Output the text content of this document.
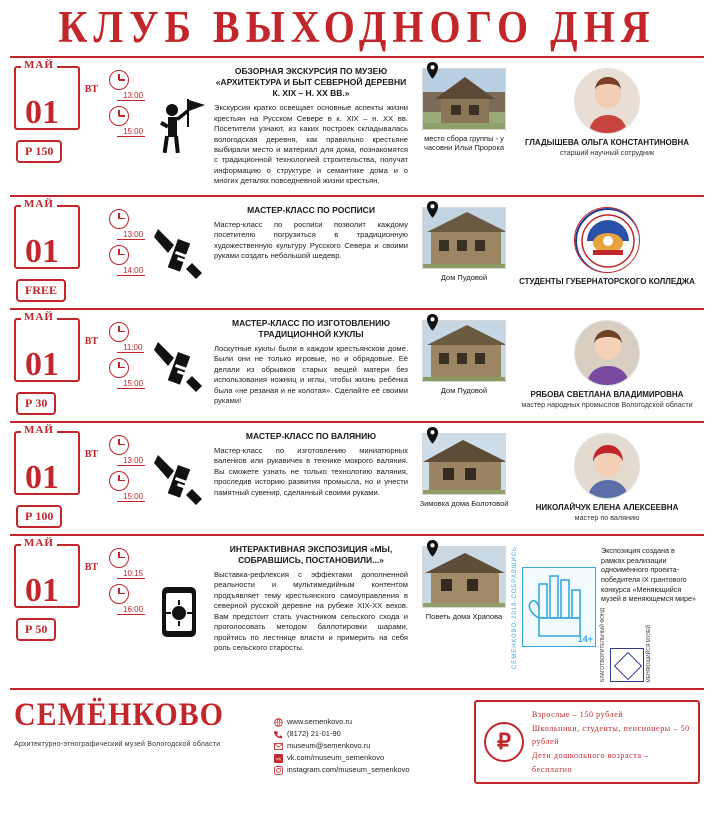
КЛУБ ВЫХОДНОГО ДНЯ
МАЙ
01
ВТ
Р 150
13:00
15:00
ОБЗОРНАЯ ЭКСКУРСИЯ ПО МУЗЕЮ «АРХИТЕКТУРА И БЫТ СЕВЕРНОЙ ДЕРЕВНИ К. XIX – Н. XX ВВ.»
Экскурсия кратко освещает основные аспекты жизни крестьян на Русском Севере в к. XIX – н. XX вв. Посетители узнают, из каких построек складывалась вологодская деревня, как правильно крестьяне выбирали место и материал для дома, познакомятся с традиционной технологией строительства, получат информацию о структуре и семантике дома и о многих деталях повседневной жизни крестьян.
место сбора группы - у часовни Ильи Пророка
ГЛАДЫШЕВА ОЛЬГА КОНСТАНТИНОВНА
старший научный сотрудник
МАЙ
01
FREE
13:00
14:00
МАСТЕР-КЛАСС ПО РОСПИСИ
Мастер-класс по росписи позволит каждому посетителю погрузиться в традиционную художественную культуру Русского Севера и своими руками создать небольшой шедевр.
Дом Пудовой	СТУДЕНТЫ ГУБЕРНАТОРСКОГО КОЛЛЕДЖА
МАЙ
01
ВТ
Р 30
11:00
15:00
МАСТЕР-КЛАСС ПО ИЗГОТОВЛЕНИЮ ТРАДИЦИОННОЙ КУКЛЫ
Лоскутные куклы были в каждом крестьянском доме. Были они не только игровые, но и обрядовые. Её делали из обрывков старых вещей матери без использования ножниц и иглы, чтобы жизнь ребёнка была «не резаная и не колотая». Сделайте её своими руками!
Дом Пудовой	РЯБОВА СВЕТЛАНА ВЛАДИМИРОВНА
мастер народных промыслов Вологодской области
МАЙ
01
ВТ
Р 100
13:00
15:00
МАСТЕР-КЛАСС ПО ВАЛЯНИЮ
Мастер-класс по изготовлению миниатюрных валенков или рукавичек в технике мокрого валяния. Вы сможете узнать не только технологию валяния, проследив историю развития промысла, но и унести памятный сувенир, сделанный своими руками.
Зимовка дома Болотовой	НИКОЛАЙЧУК ЕЛЕНА АЛЕКСЕЕВНА
мастер по валянию
МАЙ
01
ВТ
Р 50
10:15
16:00
ИНТЕРАКТИВНАЯ ЭКСПОЗИЦИЯ «МЫ, СОБРАВШИСЬ, ПОСТАНОВИЛИ...»
Выставка-рефлексия с эффектами дополненной реальности и мультимедийным контентом продъявляет тему крестьянского самоуправления в северной русской деревне на рубеже XIX-XX веков. Вам предстоит стать участником сельского схода и проголосовать методом баллотировки шарами, пройтись по лестнице власти и примерить на себя роль сельского старосты.
Поветь дома Храпова СЕМЁНКОВО-2018-СОБРАВШИСЬ	14+
Экспозиция создана в рамках реализации одноимённого проекта-победителя IX грантового конкурса «Меняющийся музей в меняющемся мире»
БЛАГОТВОРИТЕЛЬНЫЙ ФОНД	МЕНЯЮЩИЙСЯ МУЗЕЙ
СЕМЁНКОВО
Архитектурно-этнографический музей Вологодской области
www.semenkovo.ru
(8172) 21-01-90
museum@semenkovo.ru
VK vk.com/museum_semenkovo
instagram.com/museum_semenkovo
₽
Взрослые – 150 рублей
Школьники, студенты, пенсионеры – 50 рублей
Дети дошкольного возраста – бесплатно
